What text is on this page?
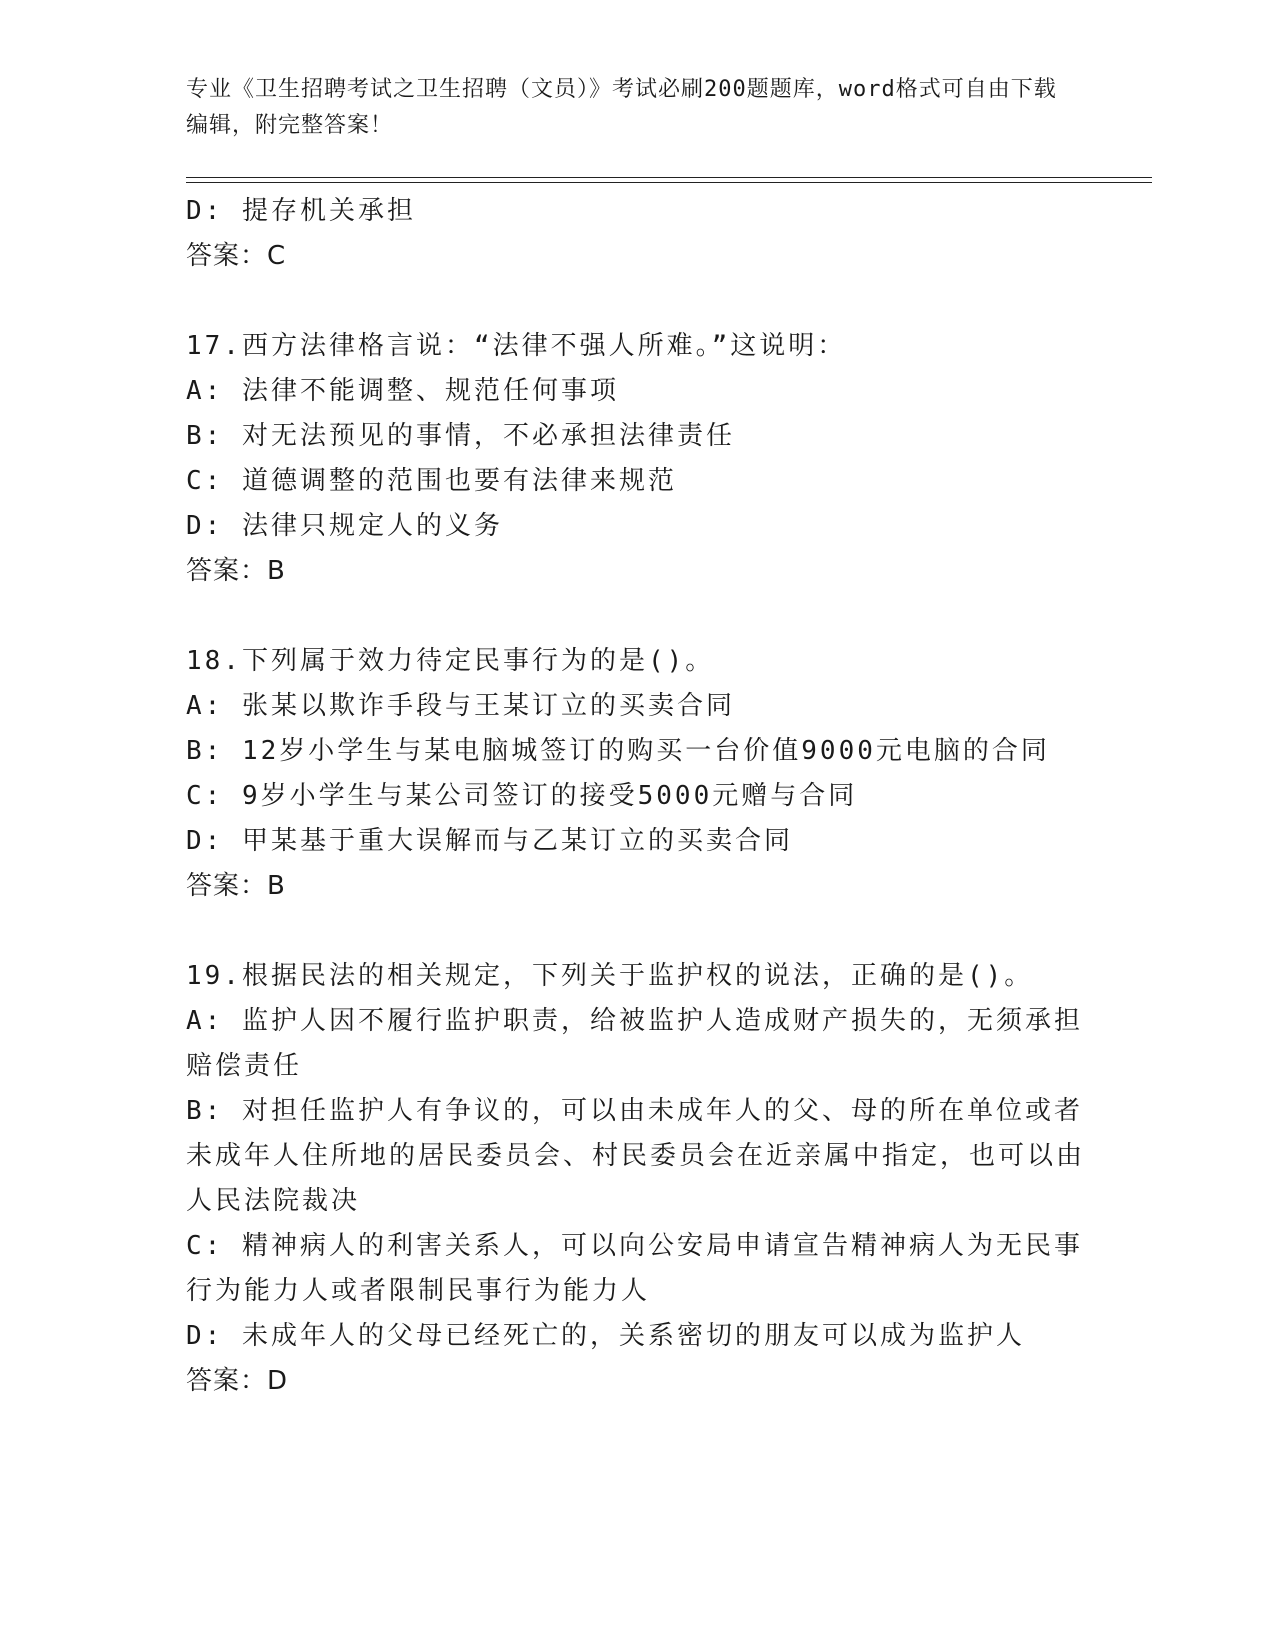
专业《卫生招聘考试之卫生招聘（文员）》考试必刷200题题库，word格式可自由下载编辑，附完整答案！
D: 提存机关承担
答案：C
17.西方法律格言说：“法律不强人所难。”这说明：
A: 法律不能调整、规范任何事项
B: 对无法预见的事情，不必承担法律责任
C: 道德调整的范围也要有法律来规范
D: 法律只规定人的义务
答案：B
18.下列属于效力待定民事行为的是()。
A: 张某以欺诈手段与王某订立的买卖合同
B: 12岁小学生与某电脑城签订的购买一台价值9000元电脑的合同
C: 9岁小学生与某公司签订的接受5000元赠与合同
D: 甲某基于重大误解而与乙某订立的买卖合同
答案：B
19.根据民法的相关规定，下列关于监护权的说法，正确的是()。
A: 监护人因不履行监护职责，给被监护人造成财产损失的，无须承担赔偿责任
B: 对担任监护人有争议的，可以由未成年人的父、母的所在单位或者未成年人住所地的居民委员会、村民委员会在近亲属中指定，也可以由人民法院裁决
C: 精神病人的利害关系人，可以向公安局申请宣告精神病人为无民事行为能力人或者限制民事行为能力人
D: 未成年人的父母已经死亡的，关系密切的朋友可以成为监护人
答案：D
